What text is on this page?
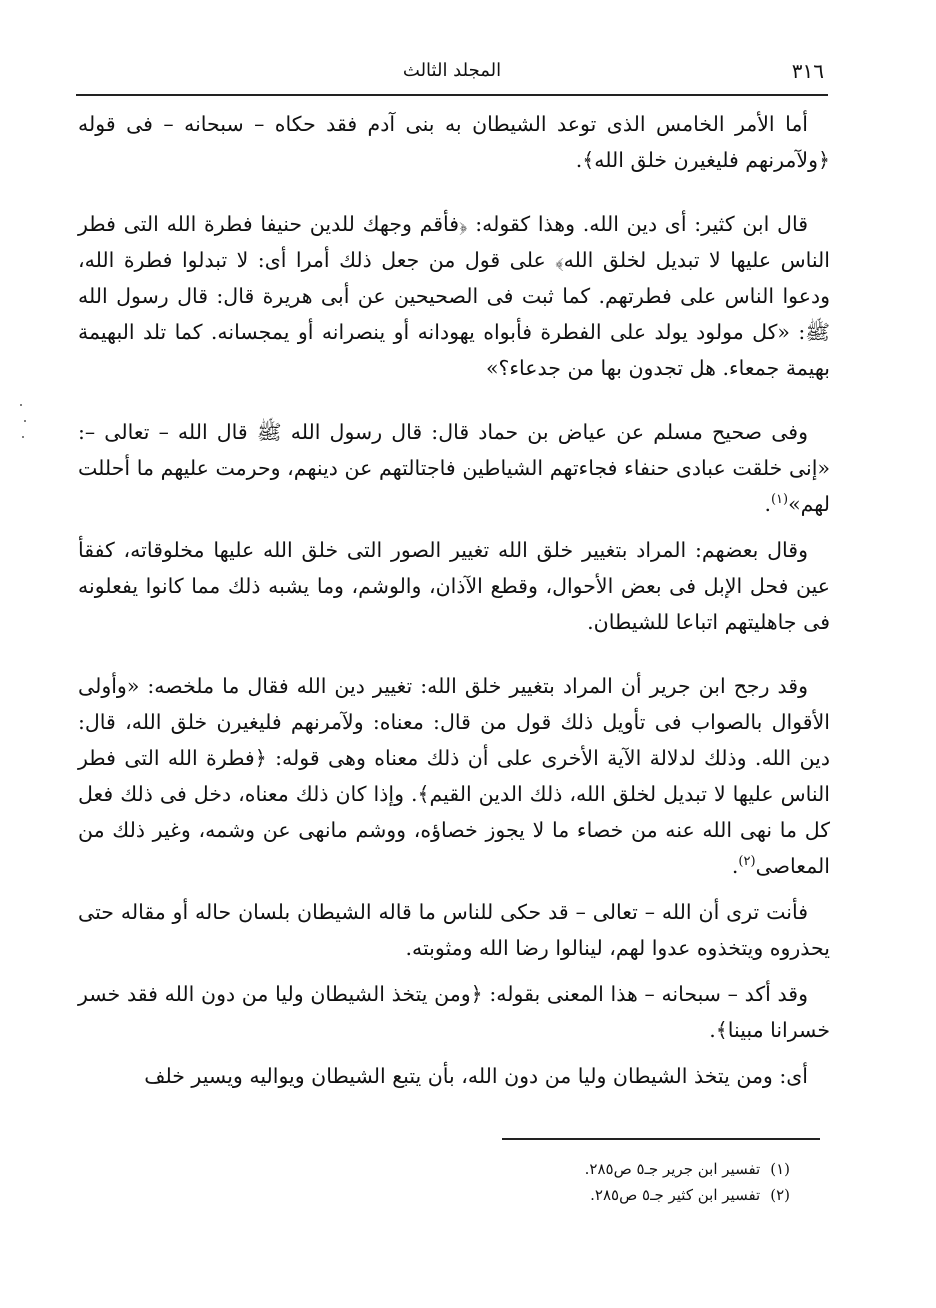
٣١٦
المجلد الثالث

أما الأمر الخامس الذى توعد الشيطان به بنى آدم فقد حكاه – سبحانه – فى قوله ﴿ولآمرنهم فليغيرن خلق الله﴾.

قال ابن كثير: أى دين الله. وهذا كقوله: ﴿فأقم وجهك للدين حنيفا فطرة الله التى فطر الناس عليها لا تبديل لخلق الله﴾ على قول من جعل ذلك أمرا أى: لا تبدلوا فطرة الله، ودعوا الناس على فطرتهم. كما ثبت فى الصحيحين عن أبى هريرة قال: قال رسول الله ﷺ: «كل مولود يولد على الفطرة فأبواه يهودانه أو ينصرانه أو يمجسانه. كما تلد البهيمة بهيمة جمعاء. هل تجدون بها من جدعاء؟»

وفى صحيح مسلم عن عياض بن حماد قال: قال رسول الله ﷺ قال الله – تعالى –: «إنى خلقت عبادى حنفاء فجاءتهم الشياطين فاجتالتهم عن دينهم، وحرمت عليهم ما أحللت لهم»$^{(١)}$.

وقال بعضهم: المراد بتغيير خلق الله تغيير الصور التى خلق الله عليها مخلوقاته، كفقأ عين فحل الإبل فى بعض الأحوال، وقطع الآذان، والوشم، وما يشبه ذلك مما كانوا يفعلونه فى جاهليتهم اتباعا للشيطان.

وقد رجح ابن جرير أن المراد بتغيير خلق الله: تغيير دين الله فقال ما ملخصه: «وأولى الأقوال بالصواب فى تأويل ذلك قول من قال: معناه: ولآمرنهم فليغيرن خلق الله، قال: دين الله. وذلك لدلالة الآية الأخرى على أن ذلك معناه وهى قوله: ﴿فطرة الله التى فطر الناس عليها لا تبديل لخلق الله، ذلك الدين القيم﴾. وإذا كان ذلك معناه، دخل فى ذلك فعل كل ما نهى الله عنه من خصاء ما لا يجوز خصاؤه، ووشم مانهى عن وشمه، وغير ذلك من المعاصى$^{(٢)}$.

فأنت ترى أن الله – تعالى – قد حكى للناس ما قاله الشيطان بلسان حاله أو مقاله حتى يحذروه ويتخذوه عدوا لهم، لينالوا رضا الله ومثوبته.

وقد أكد – سبحانه – هذا المعنى بقوله: ﴿ومن يتخذ الشيطان وليا من دون الله فقد خسر خسرانا مبينا﴾.

أى: ومن يتخذ الشيطان وليا من دون الله، بأن يتبع الشيطان ويواليه ويسير خلف

(١)تفسير ابن جرير جـ٥ ص٢٨٥.

(٢)تفسير ابن كثير جـ٥ ص٢٨٥.
